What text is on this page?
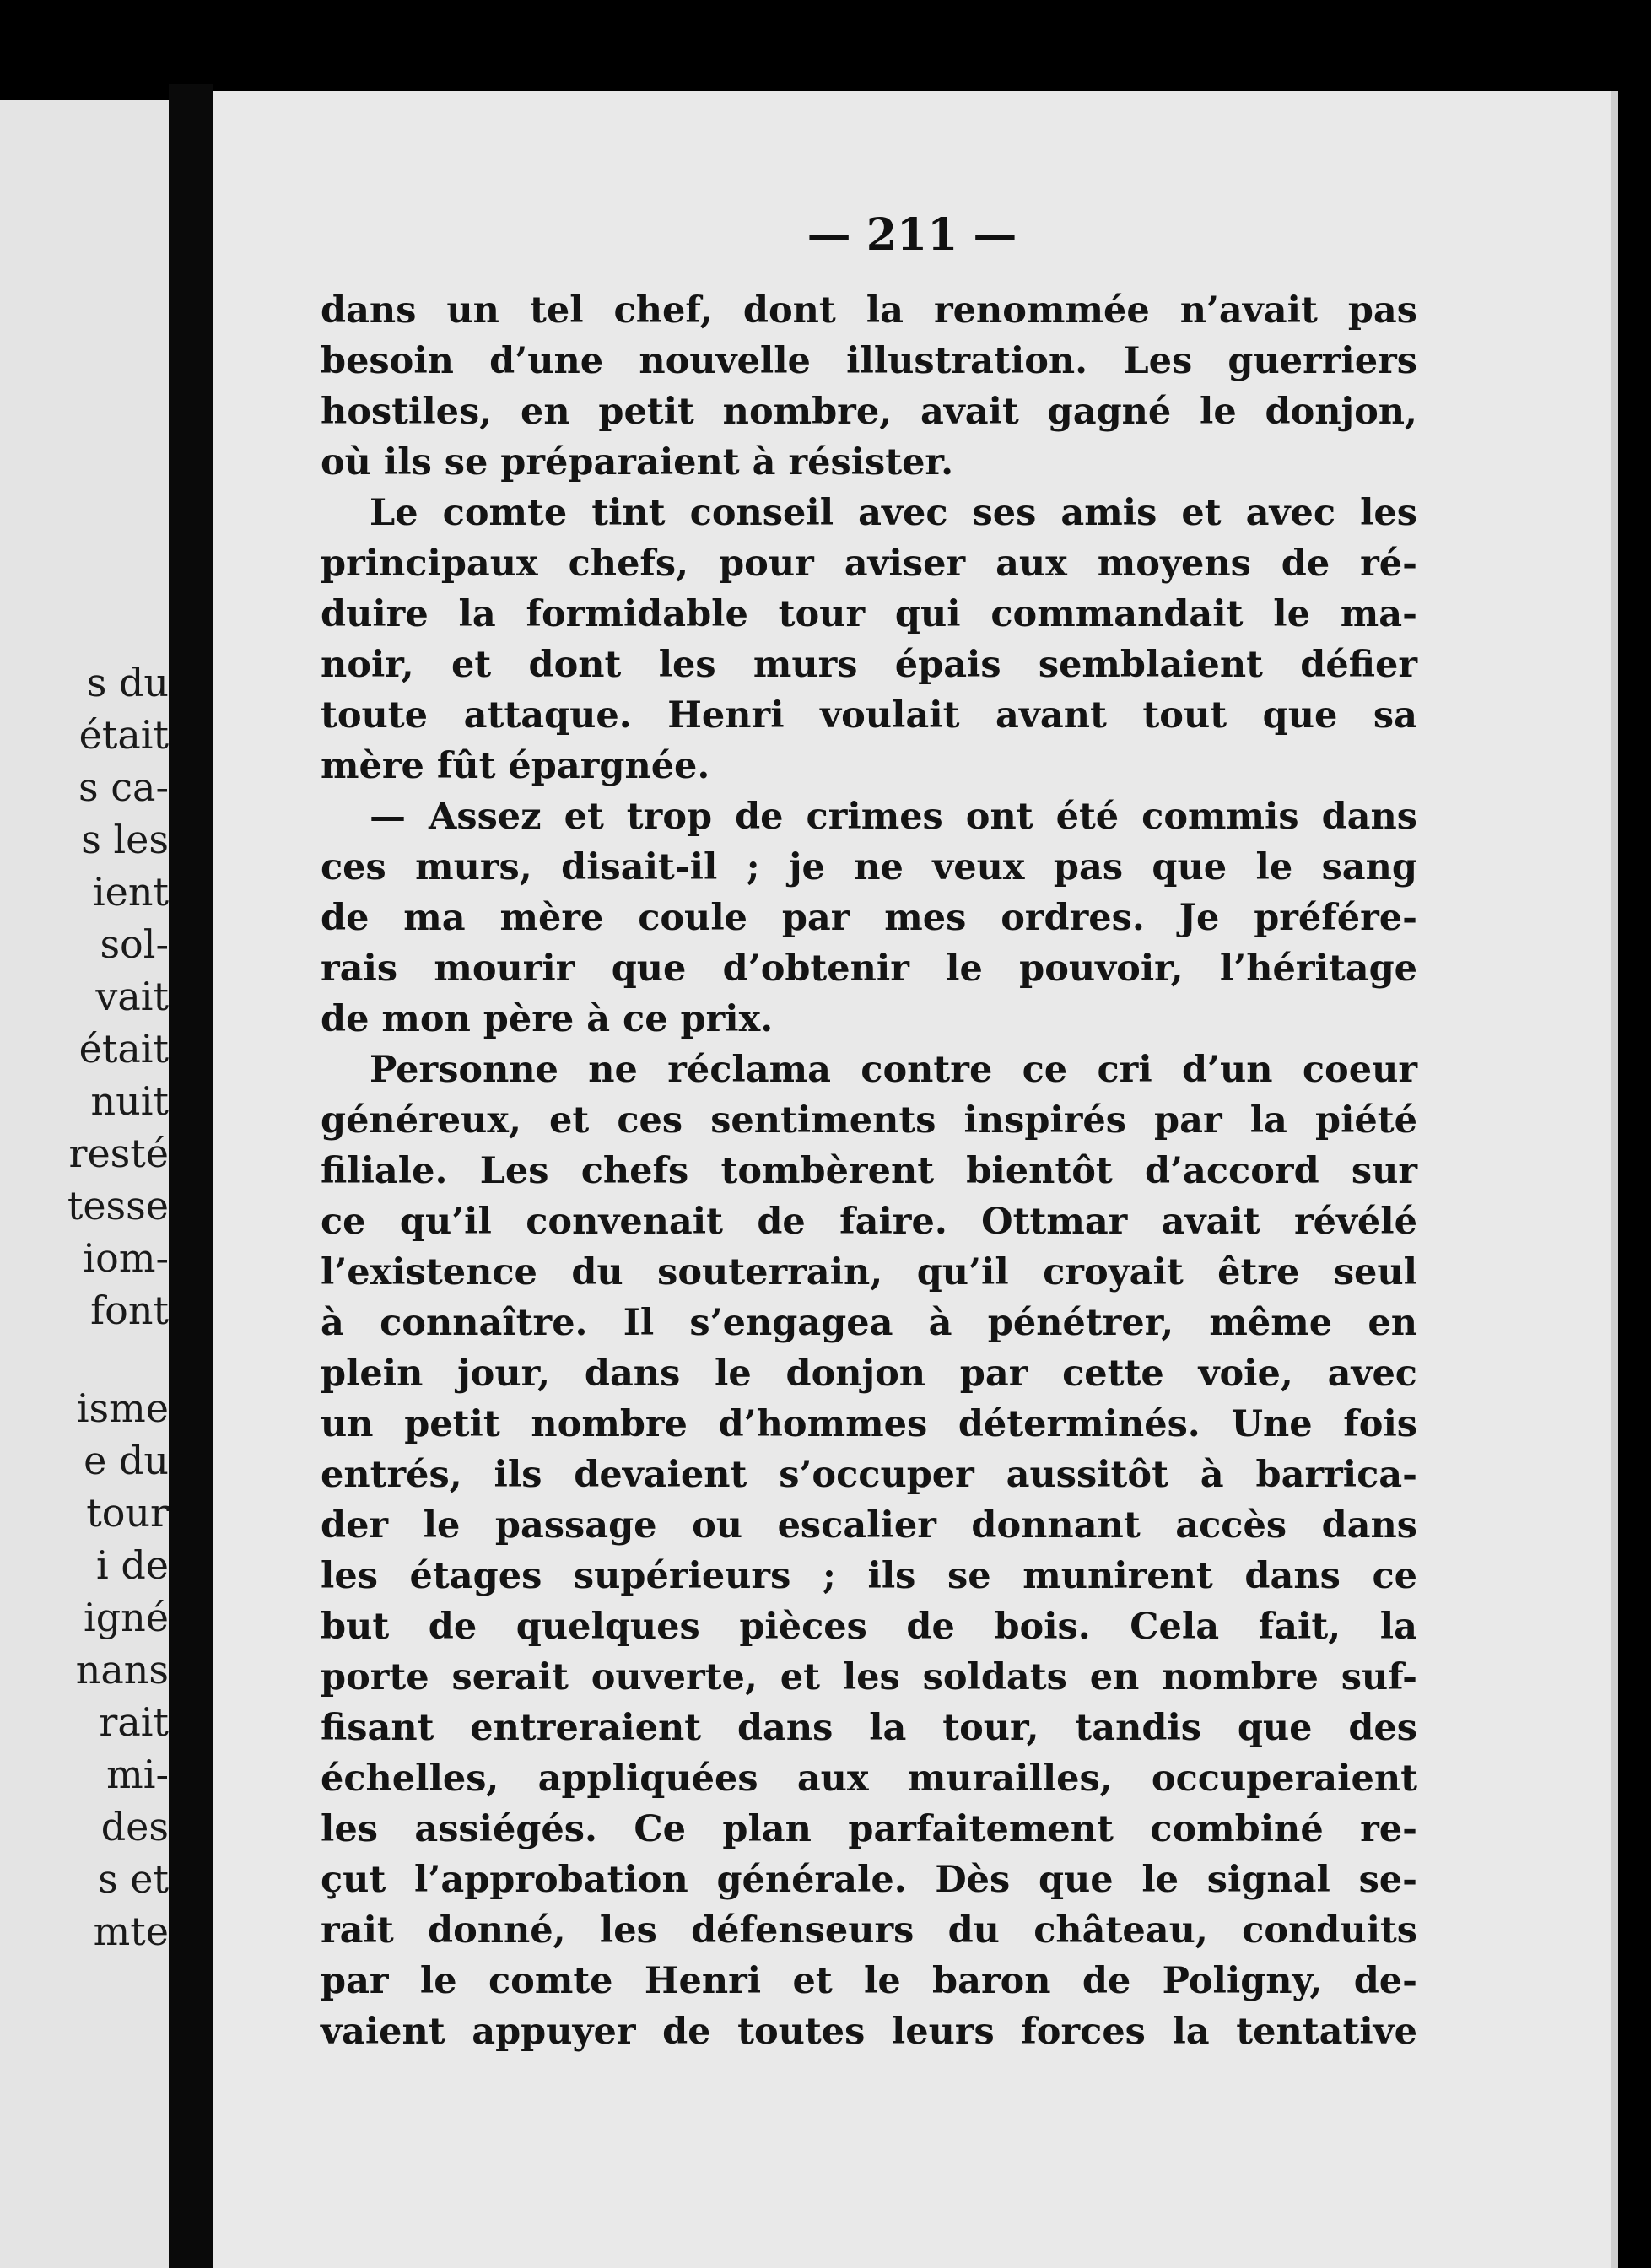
s du
était
s ca-
s les
ient
sol-
vait
était
nuit
resté
tesse
iom-
font
isme
e du
tour
i de
igné
nans
rait
mi-
des
s et
mte
— 211 —
dans un tel chef, dont la renommée n’avait pas
besoin d’une nouvelle illustration. Les guerriers
hostiles, en petit nombre, avait gagné le donjon,
où ils se préparaient à résister.
Le comte tint conseil avec ses amis et avec les
principaux chefs, pour aviser aux moyens de ré-
duire la formidable tour qui commandait le ma-
noir, et dont les murs épais semblaient défier
toute attaque. Henri voulait avant tout que sa
mère fût épargnée.
— Assez et trop de crimes ont été commis dans
ces murs, disait-il ; je ne veux pas que le sang
de ma mère coule par mes ordres. Je préfére-
rais mourir que d’obtenir le pouvoir, l’héritage
de mon père à ce prix.
Personne ne réclama contre ce cri d’un coeur
généreux, et ces sentiments inspirés par la piété
filiale. Les chefs tombèrent bientôt d’accord sur
ce qu’il convenait de faire. Ottmar avait révélé
l’existence du souterrain, qu’il croyait être seul
à connaître. Il s’engagea à pénétrer, même en
plein jour, dans le donjon par cette voie, avec
un petit nombre d’hommes déterminés. Une fois
entrés, ils devaient s’occuper aussitôt à barrica-
der le passage ou escalier donnant accès dans
les étages supérieurs ; ils se munirent dans ce
but de quelques pièces de bois. Cela fait, la
porte serait ouverte, et les soldats en nombre suf-
fisant entreraient dans la tour, tandis que des
échelles, appliquées aux murailles, occuperaient
les assiégés. Ce plan parfaitement combiné re-
çut l’approbation générale. Dès que le signal se-
rait donné, les défenseurs du château, conduits
par le comte Henri et le baron de Poligny, de-
vaient appuyer de toutes leurs forces la tentative
